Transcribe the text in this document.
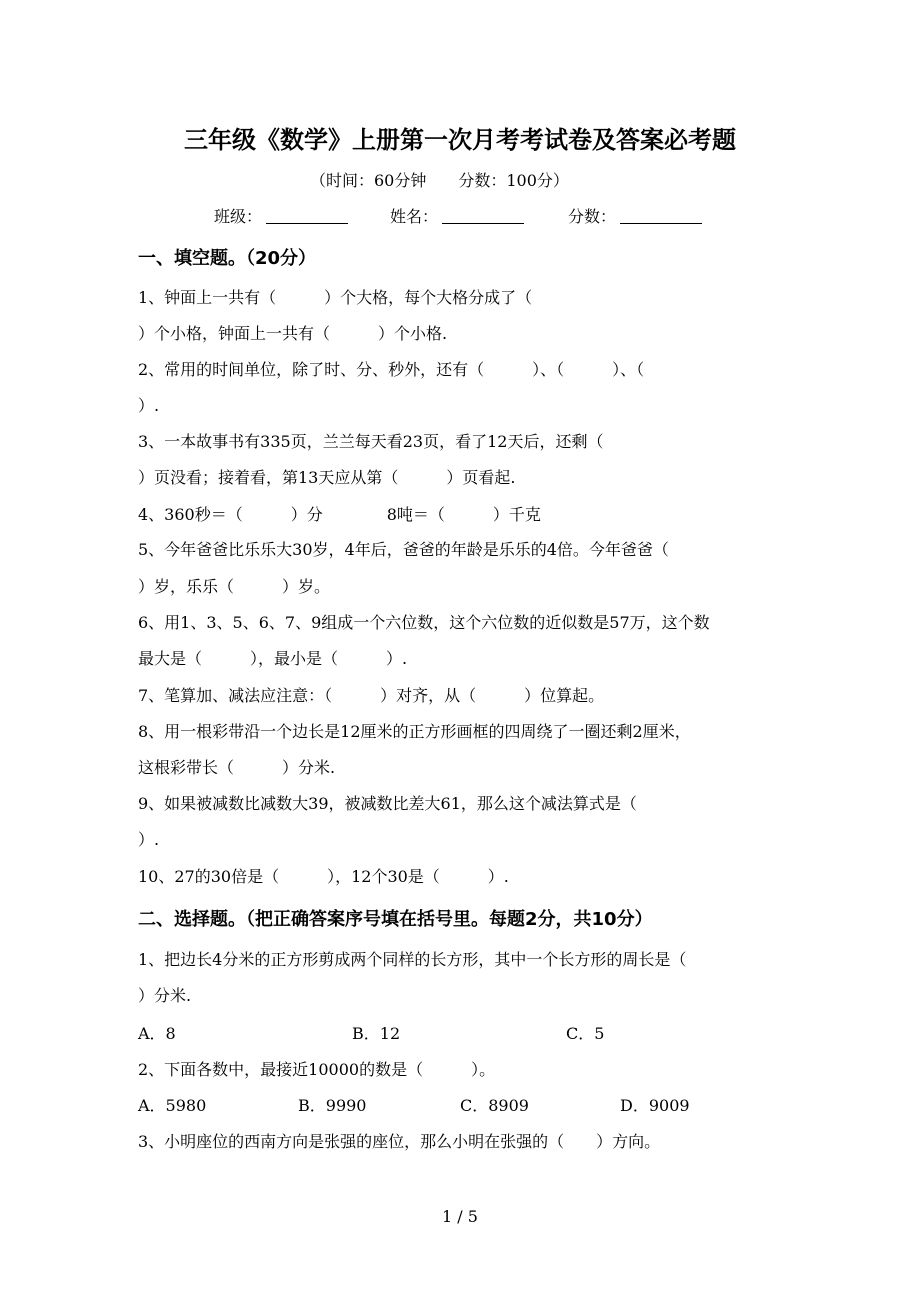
三年级《数学》上册第一次月考考试卷及答案必考题
（时间：60分钟　　分数：100分）
班级：	姓名：	分数：
一、填空题。（20分）
1、钟面上一共有（　　　）个大格，每个大格分成了（
）个小格，钟面上一共有（　　　）个小格.
2、常用的时间单位，除了时、分、秒外，还有（　　　）、（　　　）、（
）.
3、一本故事书有335页，兰兰每天看23页，看了12天后，还剩（
）页没看；接着看，第13天应从第（　　　）页看起.
4、360秒＝（　　　）分　　　　8吨＝（　　　）千克
5、今年爸爸比乐乐大30岁，4年后，爸爸的年龄是乐乐的4倍。今年爸爸（
）岁，乐乐（　　　）岁。
6、用1、3、5、6、7、9组成一个六位数，这个六位数的近似数是57万，这个数
最大是（　　　），最小是（　　　）.
7、笔算加、减法应注意：（　　　）对齐，从（　　　）位算起。
8、用一根彩带沿一个边长是12厘米的正方形画框的四周绕了一圈还剩2厘米，
这根彩带长（　　　）分米.
9、如果被减数比减数大39，被减数比差大61，那么这个减法算式是（
）.
10、27的30倍是（　　　），12个30是（　　　）.
二、选择题。（把正确答案序号填在括号里。每题2分，共10分）
1、把边长4分米的正方形剪成两个同样的长方形，其中一个长方形的周长是（
）分米.
A．8	B．12	C．5
2、下面各数中，最接近10000的数是（　　　）。
A．5980	B．9990	C．8909	D．9009
3、小明座位的西南方向是张强的座位，那么小明在张强的（　　）方向。
1 / 5
